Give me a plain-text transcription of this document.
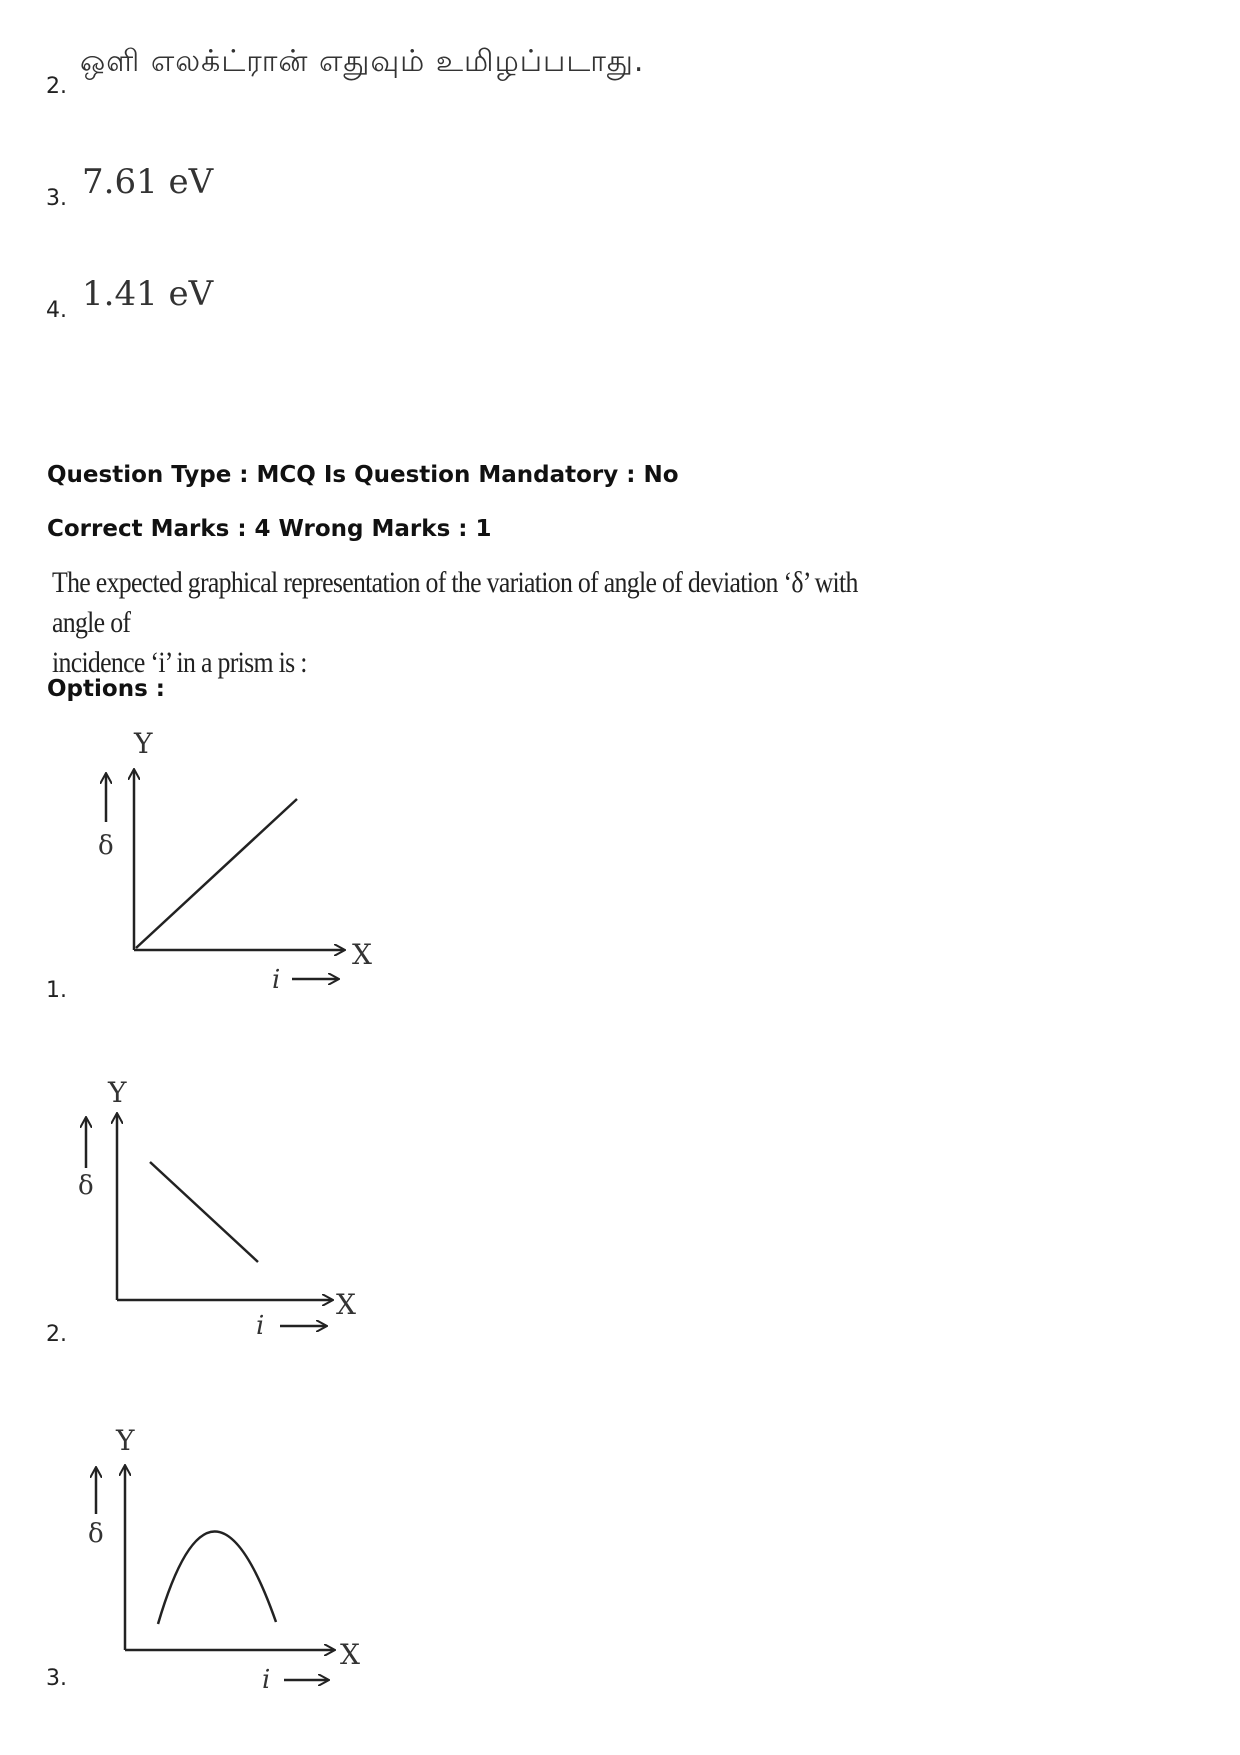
2.
ஒளி எலக்ட்ரான் எதுவும் உமிழப்படாது.
3. 7.61 eV
4. 1.41 eV
Question Type : MCQ Is Question Mandatory : No
Correct Marks : 4 Wrong Marks : 1
The expected graphical representation of the variation of angle of deviation ‘δ’ with angle of
incidence ‘i’ in a prism is :
Options :
Y
X
δ
i
1.
Y
X
δ
i
2.
Y
X
δ
i
3.
